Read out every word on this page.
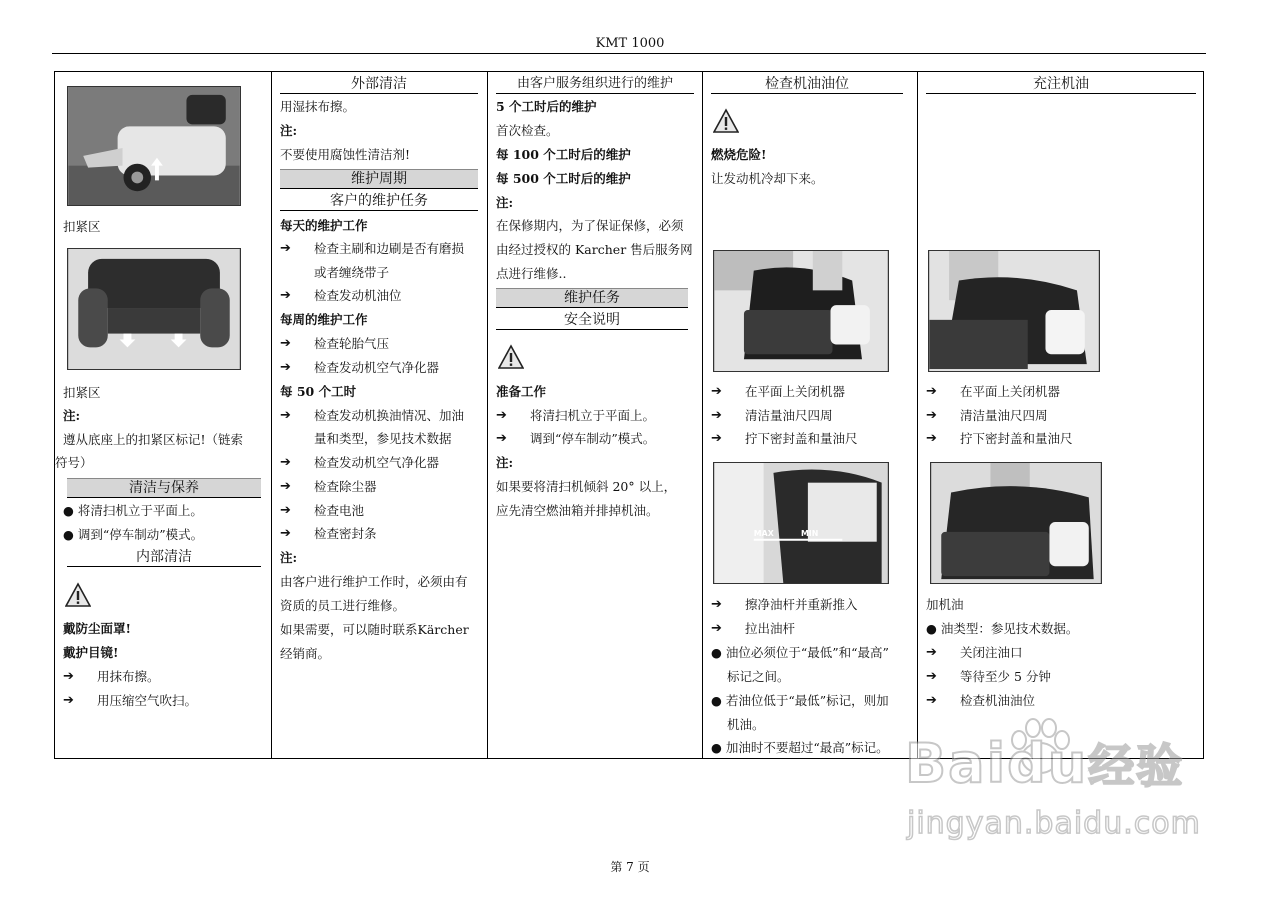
KMT 1000
扣紧区
扣紧区
注:
遵从底座上的扣紧区标记!（链索
符号）
清洁与保养
● 将清扫机立于平面上。
● 调到“停车制动”模式。
内部清洁
戴防尘面罩!
戴护目镜!
➔	用抹布擦。
➔	用压缩空气吹扫。
外部清洁
用湿抹布擦。
注:
不要使用腐蚀性清洁剂!
维护周期
客户的维护任务
每天的维护工作
➔	检查主刷和边刷是否有磨损
或者缠绕带子
➔	检查发动机油位
每周的维护工作
➔	检查轮胎气压
➔	检查发动机空气净化器
每 50 个工时
➔	检查发动机换油情况、加油
量和类型，参见技术数据
➔	检查发动机空气净化器
➔	检查除尘器
➔	检查电池
➔	检查密封条
注:
由客户进行维护工作时，必须由有
资质的员工进行维修。
如果需要，可以随时联系Kärcher
经销商。
由客户服务组织进行的维护
5 个工时后的维护
首次检查。
每 100 个工时后的维护
每 500 个工时后的维护
注:
在保修期内，为了保证保修，必须
由经过授权的 Karcher 售后服务网
点进行维修..
维护任务
安全说明
准备工作
➔	将清扫机立于平面上。
➔	调到“停车制动”模式。
注:
如果要将清扫机倾斜 20° 以上，
应先清空燃油箱并排掉机油。
检查机油油位
燃烧危险!
让发动机冷却下来。
➔	在平面上关闭机器
➔	清洁量油尺四周
➔	拧下密封盖和量油尺
MAX	MIN
➔	擦净油杆并重新推入
➔	拉出油杆
● 油位必须位于“最低”和“最高”
标记之间。
● 若油位低于“最低”标记，则加
机油。
● 加油时不要超过“最高”标记。
充注机油
➔	在平面上关闭机器
➔	清洁量油尺四周
➔	拧下密封盖和量油尺
加机油
● 油类型：参见技术数据。
➔	关闭注油口
➔	等待至少 5 分钟
➔	检查机油油位
Baidu经验
jingyan.baidu.com
第 7 页
